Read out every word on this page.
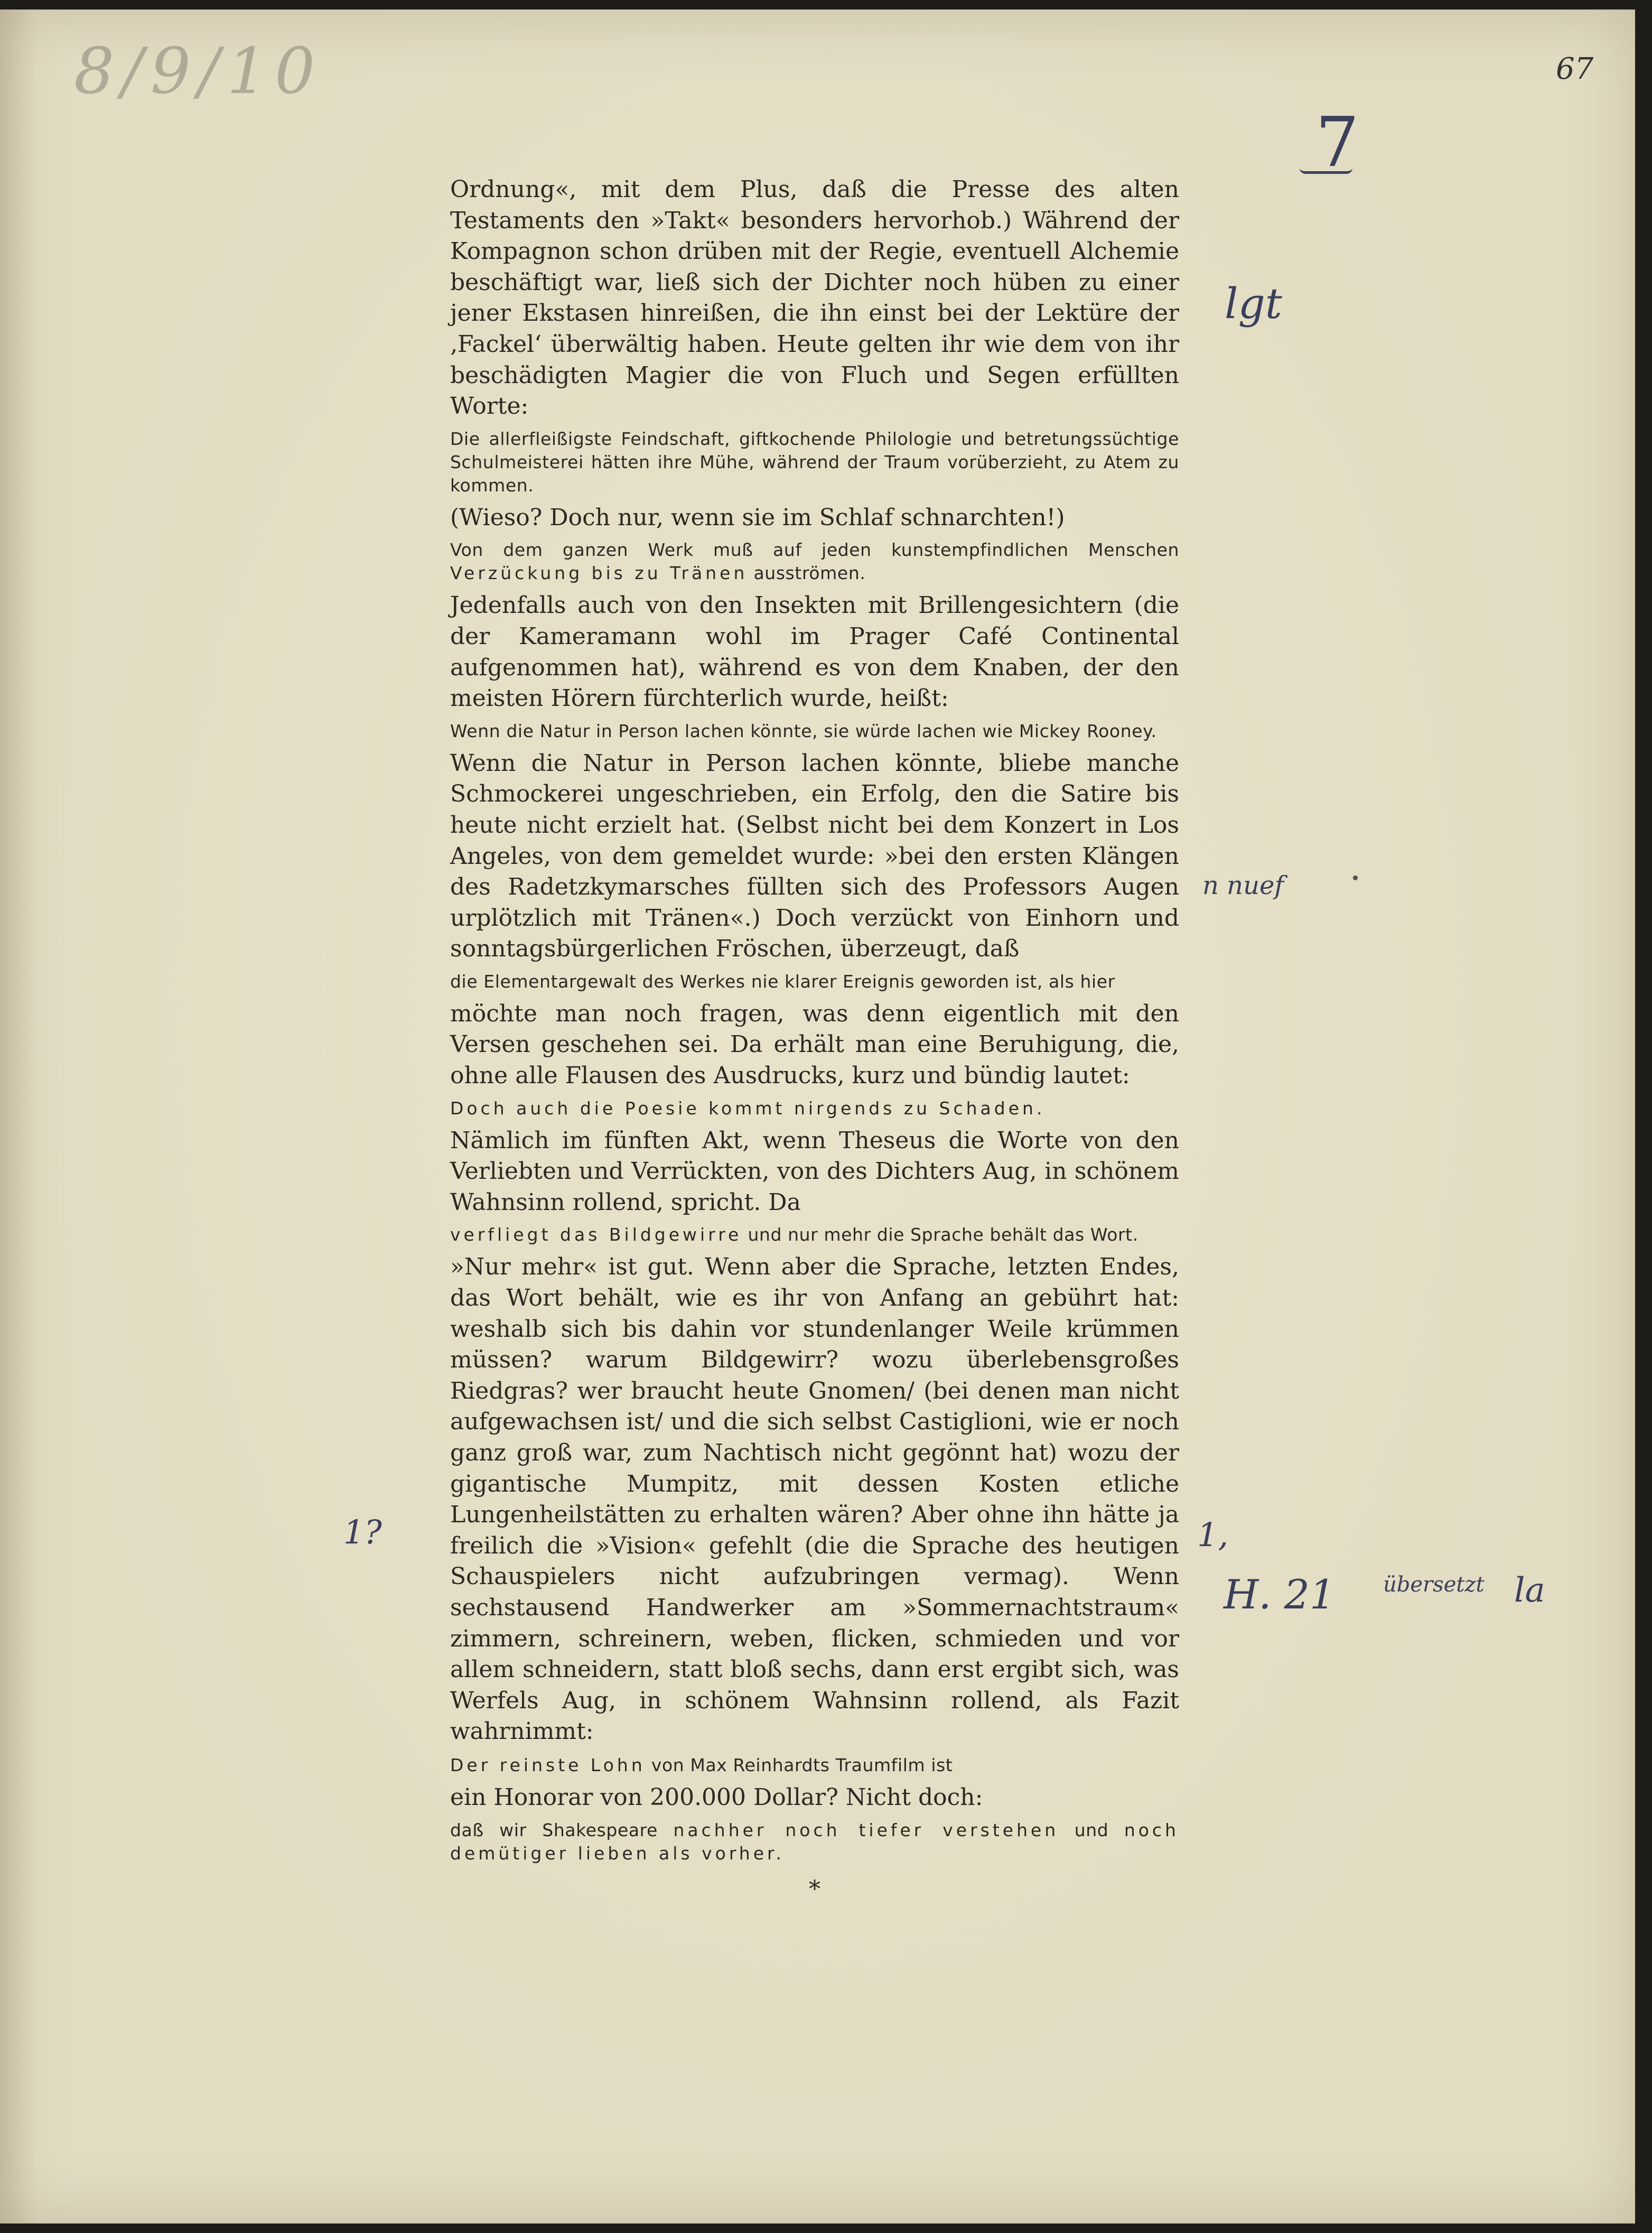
8/9/10	67
7
lgt
n nuef	•
1?	1,
H. 21 übersetzt la

Ordnung«, mit dem Plus, daß die Presse des alten Testaments den »Takt« besonders hervorhob.) Während der Kompagnon schon drüben mit der Regie, eventuell Alchemie beschäftigt war, ließ sich der Dichter noch hüben zu einer jener Ekstasen hinreißen, die ihn einst bei der Lektüre der ‚Fackel‘ überwältig haben. Heute gelten ihr wie dem von ihr beschädigten Magier die von Fluch und Segen erfüllten Worte:

Die allerfleißigste Feindschaft, giftkochende Philologie und betretungssüchtige Schulmeisterei hätten ihre Mühe, während der Traum vorüberzieht, zu Atem zu kommen.

(Wieso? Doch nur, wenn sie im Schlaf schnarchten!)

Von dem ganzen Werk muß auf jeden kunstempfindlichen Menschen Verzückung bis zu Tränen ausströmen.

Jedenfalls auch von den Insekten mit Brillengesichtern (die der Kameramann wohl im Prager Café Continental aufgenommen hat), während es von dem Knaben, der den meisten Hörern fürchterlich wurde, heißt:

Wenn die Natur in Person lachen könnte, sie würde lachen wie Mickey Rooney.

Wenn die Natur in Person lachen könnte, bliebe manche Schmockerei ungeschrieben, ein Erfolg, den die Satire bis heute nicht erzielt hat. (Selbst nicht bei dem Konzert in Los Angeles, von dem gemeldet wurde: »bei den ersten Klängen des Radetzkymarsches füllten sich des Professors Augen urplötzlich mit Tränen«.) Doch verzückt von Einhorn und sonntagsbürgerlichen Fröschen, überzeugt, daß

die Elementargewalt des Werkes nie klarer Ereignis geworden ist, als hier

möchte man noch fragen, was denn eigentlich mit den Versen geschehen sei. Da erhält man eine Beruhigung, die, ohne alle Flausen des Ausdrucks, kurz und bündig lautet:

Doch auch die Poesie kommt nirgends zu Schaden.

Nämlich im fünften Akt, wenn Theseus die Worte von den Verliebten und Verrückten, von des Dichters Aug, in schönem Wahnsinn rollend, spricht. Da

verfliegt das Bildgewirre und nur mehr die Sprache behält das Wort.

»Nur mehr« ist gut. Wenn aber die Sprache, letzten Endes, das Wort behält, wie es ihr von Anfang an gebührt hat: weshalb sich bis dahin vor stundenlanger Weile krümmen müssen? warum Bildgewirr? wozu überlebensgroßes Riedgras? wer braucht heute Gnomen/ (bei denen man nicht aufgewachsen ist/ und die sich selbst Castiglioni, wie er noch ganz groß war, zum Nachtisch nicht gegönnt hat) wozu der gigantische Mumpitz, mit dessen Kosten etliche Lungenheilstätten zu erhalten wären? Aber ohne ihn hätte ja freilich die »Vision« gefehlt (die die Sprache des heutigen Schauspielers nicht aufzubringen vermag). Wenn sechstausend Handwerker am »Sommernachtstraum« zimmern, schreinern, weben, flicken, schmieden und vor allem schneidern, statt bloß sechs, dann erst ergibt sich, was Werfels Aug, in schönem Wahnsinn rollend, als Fazit wahrnimmt:

Der reinste Lohn von Max Reinhardts Traumfilm ist

ein Honorar von 200.000 Dollar? Nicht doch:

daß wir Shakespeare nachher noch tiefer verstehen und noch demütiger lieben als vorher.

*
